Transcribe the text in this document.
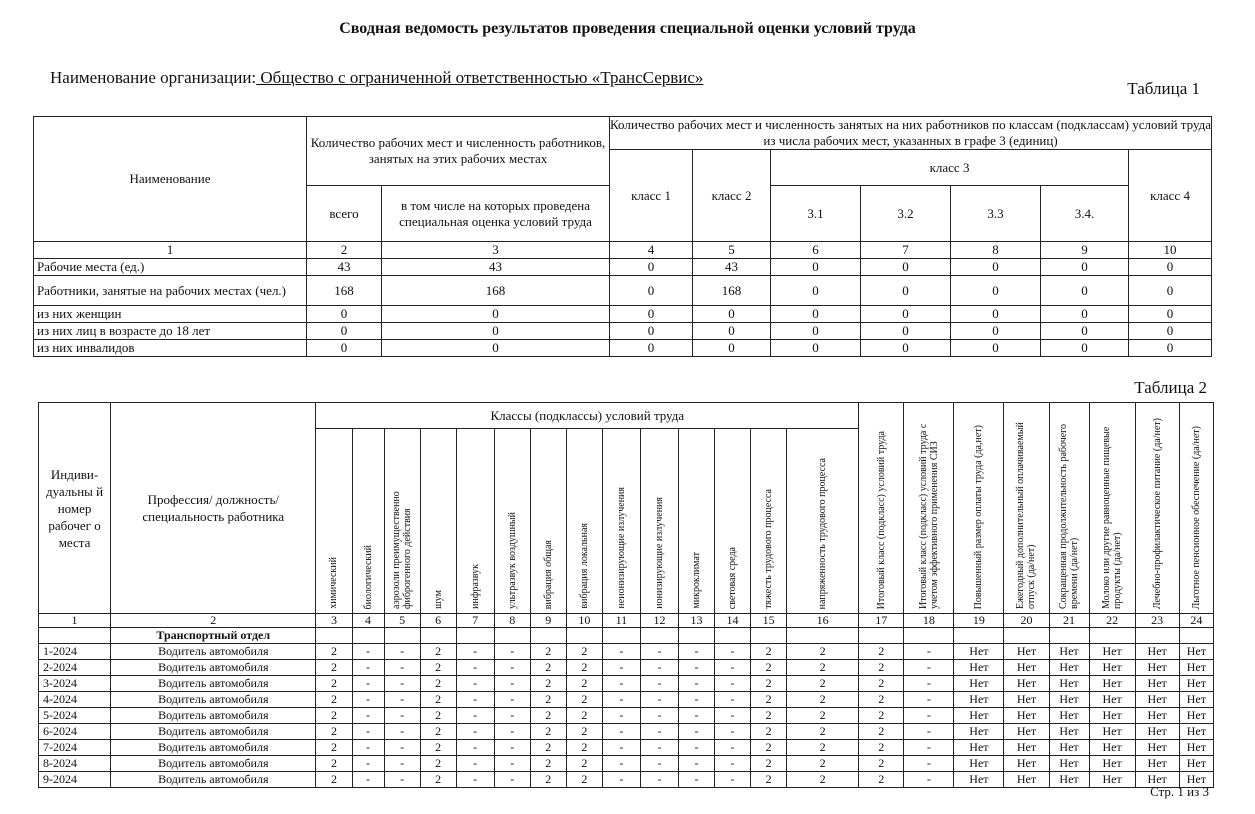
Сводная ведомость результатов проведения специальной оценки условий труда
Наименование организации: Общество с ограниченной ответственностью «ТрансСервис»
Таблица 1
Наименование	Количество рабочих мест и численность работников, занятых на этих рабочих местах		Количество рабочих мест и численность занятых на них работников по классам (подклассам) условий труда из числа рабочих мест, указанных в графе 3 (единиц)						
			класс 1	класс 2	класс 3				класс 4
	всего	в том числе на которых проведена специальная оценка условий труда			3.1	3.2	3.3	3.4.	
1	2	3	4	5	6	7	8	9	10
Рабочие места (ед.)	43	43	0	43	0	0	0	0	0
Работники, занятые на рабочих местах (чел.)	168	168	0	168	0	0	0	0	0
из них женщин	0	0	0	0	0	0	0	0	0
из них лиц в возрасте до 18 лет	0	0	0	0	0	0	0	0	0
из них инвалидов	0	0	0	0	0	0	0	0	0
Таблица 2
Индиви-дуальны й номер рабочег о места	Профессия/ должность/ специальность работника	Классы (подклассы) условий труда														Итоговый класс (подкласс) условий труда	Итоговый класс (подкласс) условий труда с учетом эффективного применения СИЗ	Повышенный размер оплаты труда (да,нет)	Ежегодный дополнительный оплачиваемый отпуск (да/нет)	Сокращенная продолжительность рабочего времени (да/нет)	Молоко или другие равноценные пищевые продукты (да/нет)	Лечебно-профилактическое питание (да/нет)	Льготное пенсионное обеспечение (да/нет)

		химический	биологический	аэрозоли преимущественно фиброгенного действия	шум	инфразвук	ультразвук воздушный	вибрация общая	вибрация локальная	неионизирующие излучения	ионизирующие излучения	микроклимат	световая среда	тяжесть трудового процесса	напряженность трудового процесса								

1	2	3	4	5	6	7	8	9	10	11	12	13	14	15	16	17	18	19	20	21	22	23	24
	Транспортный отдел																						
1-2024	Водитель автомобиля	2	-	-	2	-	-	2	2	-	-	-	-	2	2	2	-	Нет	Нет	Нет	Нет	Нет	Нет
2-2024	Водитель автомобиля	2	-	-	2	-	-	2	2	-	-	-	-	2	2	2	-	Нет	Нет	Нет	Нет	Нет	Нет
3-2024	Водитель автомобиля	2	-	-	2	-	-	2	2	-	-	-	-	2	2	2	-	Нет	Нет	Нет	Нет	Нет	Нет
4-2024	Водитель автомобиля	2	-	-	2	-	-	2	2	-	-	-	-	2	2	2	-	Нет	Нет	Нет	Нет	Нет	Нет
5-2024	Водитель автомобиля	2	-	-	2	-	-	2	2	-	-	-	-	2	2	2	-	Нет	Нет	Нет	Нет	Нет	Нет
6-2024	Водитель автомобиля	2	-	-	2	-	-	2	2	-	-	-	-	2	2	2	-	Нет	Нет	Нет	Нет	Нет	Нет
7-2024	Водитель автомобиля	2	-	-	2	-	-	2	2	-	-	-	-	2	2	2	-	Нет	Нет	Нет	Нет	Нет	Нет
8-2024	Водитель автомобиля	2	-	-	2	-	-	2	2	-	-	-	-	2	2	2	-	Нет	Нет	Нет	Нет	Нет	Нет
9-2024	Водитель автомобиля	2	-	-	2	-	-	2	2	-	-	-	-	2	2	2	-	Нет	Нет	Нет	Нет	Нет	Нет
Стр. 1 из 3
